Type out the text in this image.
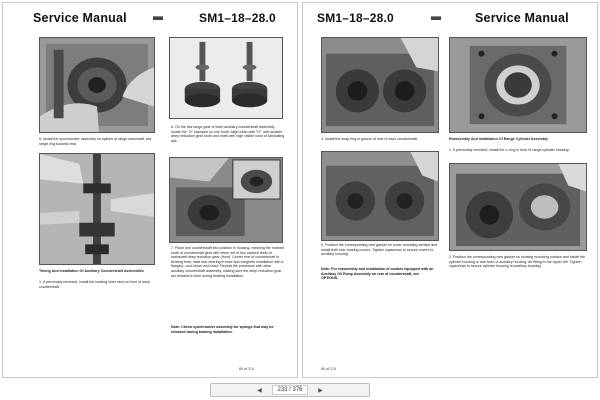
Service Manual	SM1–18–28.0
5. Install the synchronizer assembly on splines of range mainshaft, low range ring towards rear.
6. On the low range gear of each auxiliary countershaft assembly locate the "O" stamped on one tooth. Align tooth with "O", with smaller deep reduction gear tooth and mark with high visible color of lubricating dye.
Timing And Installation Of Auxiliary Countershaft Assemblies
1. If previously removed, install the heating inner race on front of each countershaft.
7. Place one countershaft into position in housing, meshing the marked tooth of countershaft gear with either set of two marked teeth of mainshaft deep reduction gear (front). Center rear of countershaft in bearing bore, start rear bearing in bore and complete installation with a flanged—end driver and maul. Repeat the procedure with other auxiliary countershaft assembly, making sure the deep reduction gear set remains in time during bearing installation.
Note: Check synchronizer assembly for springs that may be released during bearing installation.
60 of 174
SM1–18–28.0	Service Manual
4. Install the snap ring in groove at rear of each countershaft.	Reassembly And Installation Of Range Cylinder Assembly
1. If previously removed, install the o–ring in bore of range cylinder housing.
5. Position the corresponding new gasket on cover-mounting surface and install both rear bearing covers. Tighten capscrews to secure covers to auxiliary housing.
Note: For reassembly and installation of models equipped with an Auxiliary Oil Pump Assembly on rear of countershaft, see OPTIONS.
2. Position the corresponding new gasket on housing mounting surface and install the cylinder housing in rear bore of auxiliary housing, air fitting to the upper left. Tighten capscrews to secure cylinder housing to auxiliary housing.
60 of 174
◀	233 / 376	▶
